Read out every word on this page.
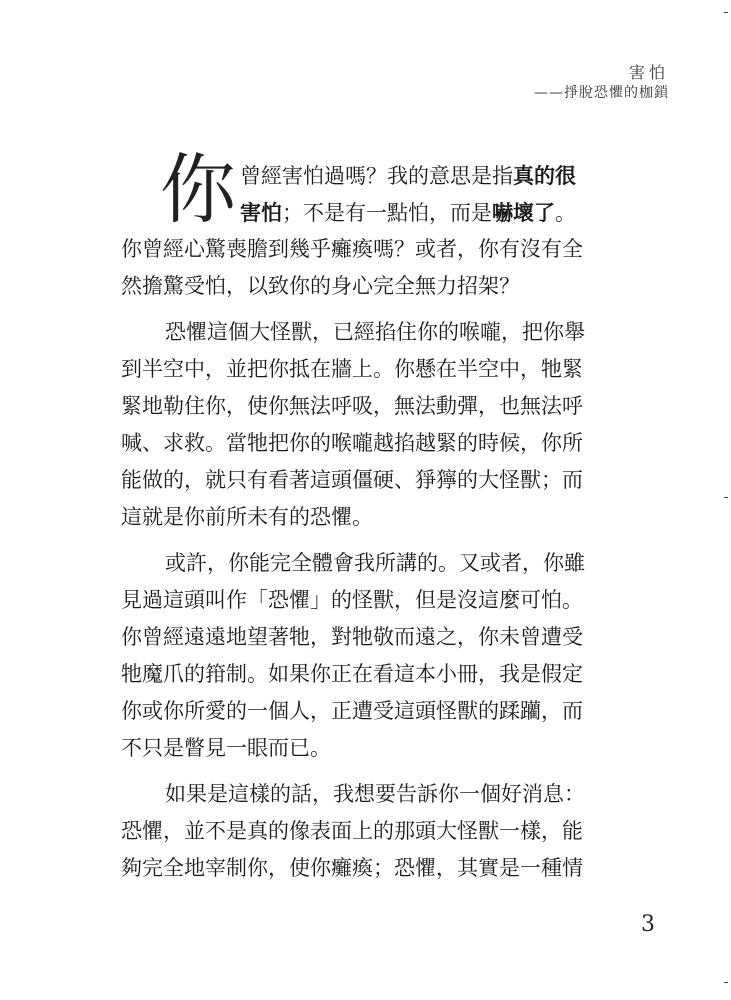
害怕
——掙脫恐懼的枷鎖
你 曾經害怕過嗎？我的意思是指真的很
害怕；不是有一點怕，而是嚇壞了。
你曾經心驚喪膽到幾乎癱瘓嗎？或者，你有沒有全
然擔驚受怕，以致你的身心完全無力招架？
恐懼這個大怪獸，已經掐住你的喉嚨，把你舉
到半空中，並把你抵在牆上。你懸在半空中，牠緊
緊地勒住你，使你無法呼吸，無法動彈，也無法呼
喊、求救。當牠把你的喉嚨越掐越緊的時候，你所
能做的，就只有看著這頭僵硬、猙獰的大怪獸；而
這就是你前所未有的恐懼。
或許，你能完全體會我所講的。又或者，你雖
見過這頭叫作「恐懼」的怪獸，但是沒這麼可怕。
你曾經遠遠地望著牠，對牠敬而遠之，你未曾遭受
牠魔爪的箝制。如果你正在看這本小冊，我是假定
你或你所愛的一個人，正遭受這頭怪獸的蹂躪，而
不只是瞥見一眼而已。
如果是這樣的話，我想要告訴你一個好消息：
恐懼，並不是真的像表面上的那頭大怪獸一樣，能
夠完全地宰制你，使你癱瘓；恐懼，其實是一種情
3
